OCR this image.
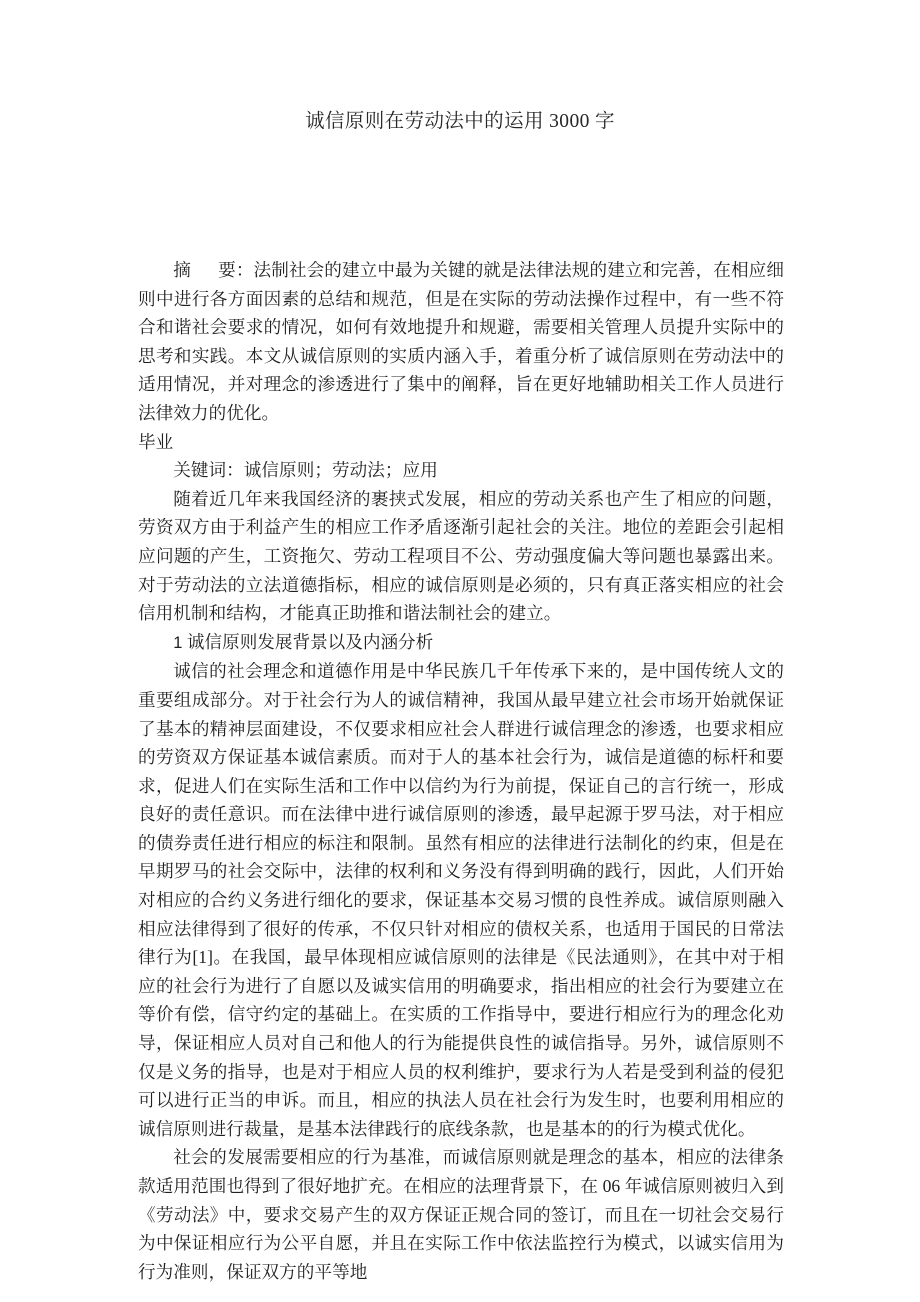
诚信原则在劳动法中的运用 3000 字

摘 要：法制社会的建立中最为关键的就是法律法规的建立和完善，在相应细则中进行各方面因素的总结和规范，但是在实际的劳动法操作过程中，有一些不符合和谐社会要求的情况，如何有效地提升和规避，需要相关管理人员提升实际中的思考和实践。本文从诚信原则的实质内涵入手，着重分析了诚信原则在劳动法中的适用情况，并对理念的渗透进行了集中的阐释，旨在更好地辅助相关工作人员进行法律效力的优化。

毕业

关键词：诚信原则；劳动法；应用

随着近几年来我国经济的裹挟式发展，相应的劳动关系也产生了相应的问题，劳资双方由于利益产生的相应工作矛盾逐渐引起社会的关注。地位的差距会引起相应问题的产生，工资拖欠、劳动工程项目不公、劳动强度偏大等问题也暴露出来。对于劳动法的立法道德指标，相应的诚信原则是必须的，只有真正落实相应的社会信用机制和结构，才能真正助推和谐法制社会的建立。

1 诚信原则发展背景以及内涵分析

诚信的社会理念和道德作用是中华民族几千年传承下来的，是中国传统人文的重要组成部分。对于社会行为人的诚信精神，我国从最早建立社会市场开始就保证了基本的精神层面建设，不仅要求相应社会人群进行诚信理念的渗透，也要求相应的劳资双方保证基本诚信素质。而对于人的基本社会行为，诚信是道德的标杆和要求，促进人们在实际生活和工作中以信约为行为前提，保证自己的言行统一，形成良好的责任意识。而在法律中进行诚信原则的渗透，最早起源于罗马法，对于相应的债券责任进行相应的标注和限制。虽然有相应的法律进行法制化的约束，但是在早期罗马的社会交际中，法律的权利和义务没有得到明确的践行，因此，人们开始对相应的合约义务进行细化的要求，保证基本交易习惯的良性养成。诚信原则融入相应法律得到了很好的传承，不仅只针对相应的债权关系，也适用于国民的日常法律行为[1]。在我国，最早体现相应诚信原则的法律是《民法通则》，在其中对于相应的社会行为进行了自愿以及诚实信用的明确要求，指出相应的社会行为要建立在等价有偿，信守约定的基础上。在实质的工作指导中，要进行相应行为的理念化劝导，保证相应人员对自己和他人的行为能提供良性的诚信指导。另外，诚信原则不仅是义务的指导，也是对于相应人员的权利维护，要求行为人若是受到利益的侵犯可以进行正当的申诉。而且，相应的执法人员在社会行为发生时，也要利用相应的诚信原则进行裁量，是基本法律践行的底线条款，也是基本的的行为模式优化。

社会的发展需要相应的行为基准，而诚信原则就是理念的基本，相应的法律条款适用范围也得到了很好地扩充。在相应的法理背景下，在 06 年诚信原则被归入到《劳动法》中，要求交易产生的双方保证正规合同的签订，而且在一切社会交易行为中保证相应行为公平自愿，并且在实际工作中依法监控行为模式，以诚实信用为行为准则，保证双方的平等地
